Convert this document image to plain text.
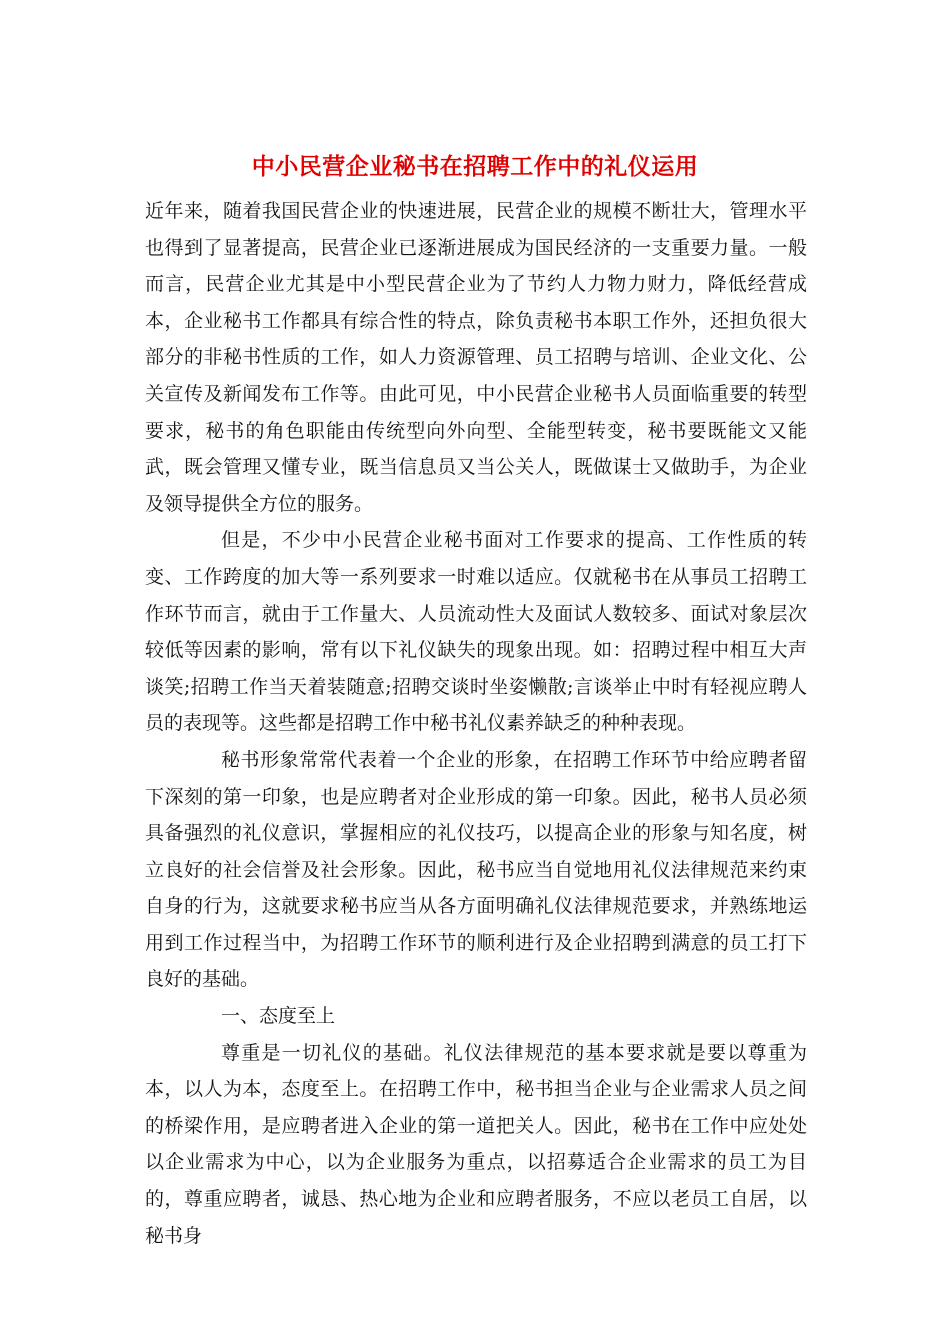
中小民营企业秘书在招聘工作中的礼仪运用

近年来，随着我国民营企业的快速进展，民营企业的规模不断壮大，管理水平也得到了显著提高，民营企业已逐渐进展成为国民经济的一支重要力量。一般而言，民营企业尤其是中小型民营企业为了节约人力物力财力，降低经营成本，企业秘书工作都具有综合性的特点，除负责秘书本职工作外，还担负很大部分的非秘书性质的工作，如人力资源管理、员工招聘与培训、企业文化、公关宣传及新闻发布工作等。由此可见，中小民营企业秘书人员面临重要的转型要求，秘书的角色职能由传统型向外向型、全能型转变，秘书要既能文又能武，既会管理又懂专业，既当信息员又当公关人，既做谋士又做助手，为企业及领导提供全方位的服务。

但是，不少中小民营企业秘书面对工作要求的提高、工作性质的转变、工作跨度的加大等一系列要求一时难以适应。仅就秘书在从事员工招聘工作环节而言，就由于工作量大、人员流动性大及面试人数较多、面试对象层次较低等因素的影响，常有以下礼仪缺失的现象出现。如：招聘过程中相互大声谈笑;招聘工作当天着装随意;招聘交谈时坐姿懒散;言谈举止中时有轻视应聘人员的表现等。这些都是招聘工作中秘书礼仪素养缺乏的种种表现。

秘书形象常常代表着一个企业的形象，在招聘工作环节中给应聘者留下深刻的第一印象，也是应聘者对企业形成的第一印象。因此，秘书人员必须具备强烈的礼仪意识，掌握相应的礼仪技巧，以提高企业的形象与知名度，树立良好的社会信誉及社会形象。因此，秘书应当自觉地用礼仪法律规范来约束自身的行为，这就要求秘书应当从各方面明确礼仪法律规范要求，并熟练地运用到工作过程当中，为招聘工作环节的顺利进行及企业招聘到满意的员工打下良好的基础。

一、态度至上

尊重是一切礼仪的基础。礼仪法律规范的基本要求就是要以尊重为本，以人为本，态度至上。在招聘工作中，秘书担当企业与企业需求人员之间的桥梁作用，是应聘者进入企业的第一道把关人。因此，秘书在工作中应处处以企业需求为中心，以为企业服务为重点，以招募适合企业需求的员工为目的，尊重应聘者，诚恳、热心地为企业和应聘者服务，不应以老员工自居，以秘书身
